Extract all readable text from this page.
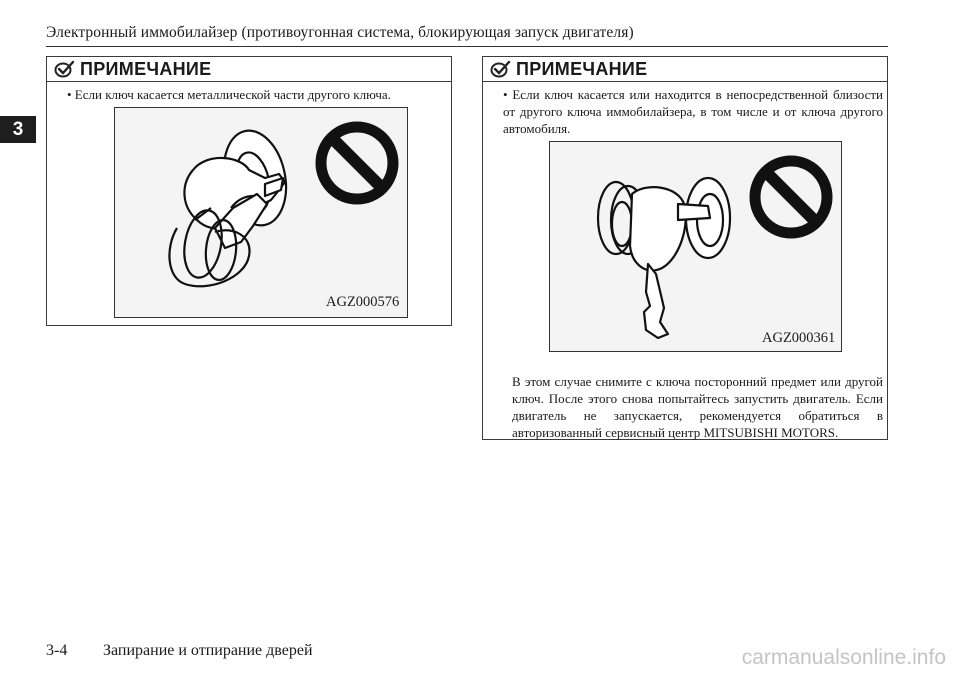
Электронный иммобилайзер (противоугонная система, блокирующая запуск двигателя)
3
ПРИМЕЧАНИЕ
• Если ключ касается металлической части другого ключа.
AGZ000576
ПРИМЕЧАНИЕ
• Если ключ касается или находится в непосредственной близости от другого ключа иммобилайзера, в том числе и от ключа другого автомобиля.
AGZ000361
В этом случае снимите с ключа посторонний предмет или другой ключ. После этого снова попытайтесь запустить двигатель. Если двигатель не запускается, рекомендуется обратиться в авторизованный сервисный центр MITSUBISHI MOTORS.
3-4 Запирание и отпирание дверей	carmanualsonline.info
